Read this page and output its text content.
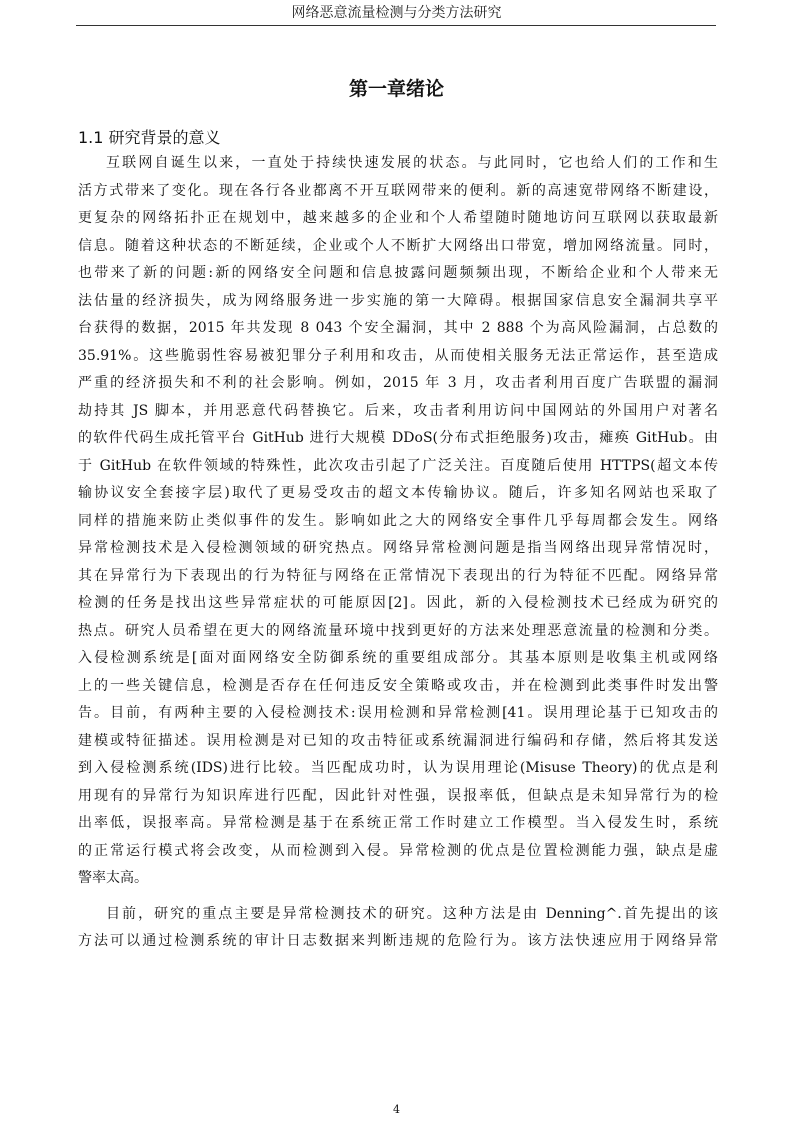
网络恶意流量检测与分类方法研究
第一章绪论
1.1 研究背景的意义
互联网自诞生以来，一直处于持续快速发展的状态。与此同时，它也给人们的工作和生
活方式带来了变化。现在各行各业都离不开互联网带来的便利。新的高速宽带网络不断建设，
更复杂的网络拓扑正在规划中，越来越多的企业和个人希望随时随地访问互联网以获取最新
信息。随着这种状态的不断延续，企业或个人不断扩大网络出口带宽，增加网络流量。同时，
也带来了新的问题:新的网络安全问题和信息披露问题频频出现，不断给企业和个人带来无
法估量的经济损失，成为网络服务进一步实施的第一大障碍。根据国家信息安全漏洞共享平
台获得的数据，2015 年共发现 8 043 个安全漏洞，其中 2 888 个为高风险漏洞，占总数的
35.91%。这些脆弱性容易被犯罪分子利用和攻击，从而使相关服务无法正常运作，甚至造成
严重的经济损失和不利的社会影响。例如，2015 年 3 月，攻击者利用百度广告联盟的漏洞
劫持其 JS 脚本，并用恶意代码替换它。后来，攻击者利用访问中国网站的外国用户对著名
的软件代码生成托管平台 GitHub 进行大规模 DDoS(分布式拒绝服务)攻击，瘫痪 GitHub。由
于 GitHub 在软件领域的特殊性，此次攻击引起了广泛关注。百度随后使用 HTTPS(超文本传
输协议安全套接字层)取代了更易受攻击的超文本传输协议。随后，许多知名网站也采取了
同样的措施来防止类似事件的发生。影响如此之大的网络安全事件几乎每周都会发生。网络
异常检测技术是入侵检测领域的研究热点。网络异常检测问题是指当网络出现异常情况时，
其在异常行为下表现出的行为特征与网络在正常情况下表现出的行为特征不匹配。网络异常
检测的任务是找出这些异常症状的可能原因[2]。因此，新的入侵检测技术已经成为研究的
热点。研究人员希望在更大的网络流量环境中找到更好的方法来处理恶意流量的检测和分类。
入侵检测系统是[面对面网络安全防御系统的重要组成部分。其基本原则是收集主机或网络
上的一些关键信息，检测是否存在任何违反安全策略或攻击，并在检测到此类事件时发出警
告。目前，有两种主要的入侵检测技术:误用检测和异常检测[41。误用理论基于已知攻击的
建模或特征描述。误用检测是对已知的攻击特征或系统漏洞进行编码和存储，然后将其发送
到入侵检测系统(IDS)进行比较。当匹配成功时，认为误用理论(Misuse Theory)的优点是利
用现有的异常行为知识库进行匹配，因此针对性强，误报率低，但缺点是未知异常行为的检
出率低，误报率高。异常检测是基于在系统正常工作时建立工作模型。当入侵发生时，系统
的正常运行模式将会改变，从而检测到入侵。异常检测的优点是位置检测能力强，缺点是虚
警率太高。
目前，研究的重点主要是异常检测技术的研究。这种方法是由 Denning^.首先提出的该
方法可以通过检测系统的审计日志数据来判断违规的危险行为。该方法快速应用于网络异常
4
